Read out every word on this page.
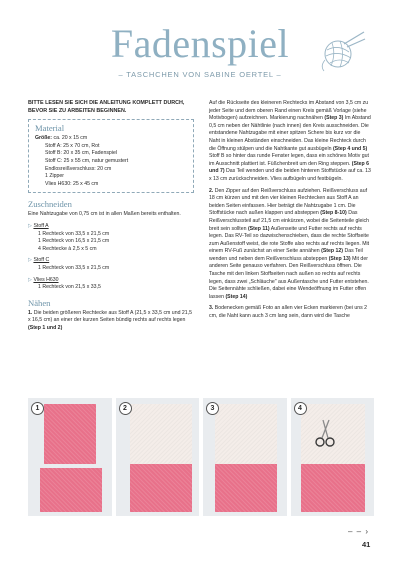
Fadenspiel
– TASCHCHEN VON SABINE OERTEL –
BITTE LESEN SIE SICH DIE ANLEITUNG KOMPLETT DURCH, BEVOR SIE ZU ARBEITEN BEGINNEN.
Material
Größe: ca. 20 x 15 cm
Stoff A: 25 x 70 cm, Rot
Stoff B: 20 x 35 cm, Fadenspiel
Stoff C: 25 x 55 cm, natur gemustert
Endlosreißverschluss: 20 cm
1 Zipper
Vlies H630: 25 x 45 cm
Zuschneiden
Eine Nahtzugabe von 0,75 cm ist in allen Maßen bereits enthalten.
▷ Stoff A
1 Rechteck von 33,5 x 21,5 cm
1 Rechteck von 16,5 x 21,5 cm
4 Rechtecke à 2,5 x 5 cm
▷ Stoff C
1 Rechteck von 33,5 x 21,5 cm
▷ Vlies H630
1 Rechteck von 21,5 x 33,5
Nähen

1. Die beiden größeren Rechtecke aus Stoff A (21,5 x 33,5 cm und 21,5 x 16,5 cm) an einer der kurzen Seiten bündig rechts auf rechts legen (Step 1 und 2)

Auf die Rückseite des kleineren Rechtecks im Abstand von 3,5 cm zu jeder Seite und dem oberen Rand einen Kreis gemäß Vorlage (siehe Motivbogen) aufzeichnen. Markierung nachnähen (Step 3) Im Abstand 0,5 cm neben der Nähtlinie (nach innen) den Kreis ausschneiden. Die entstandene Nahtzugabe mit einer spitzen Schere bis kurz vor die Naht in kleinen Abständen einschneiden. Das kleine Rechteck durch die Öffnung stülpen und die Nahtkante gut ausbügeln (Step 4 und 5) Stoff B so hinter das runde Fenster legen, dass ein schönes Motiv gut im Ausschnitt plattiert ist. Füßchenbreit um den Ring steppen. (Step 6 und 7) Das Teil wenden und die beiden hinteren Stoffstücke auf ca. 13 x 13 cm zurückschneiden. Vlies aufbügeln und festbügeln.

2. Den Zipper auf den Reißverschluss aufziehen. Reißverschluss auf 18 cm kürzen und mit den vier kleinen Rechtecken aus Stoff A an beiden Seiten einfassen. Hier beträgt die Nahtzugabe 1 cm. Die Stoffstücke nach außen klappen und abstеppen (Step 8-10) Das Reißverschlussteil auf 21,5 cm einkürzen, wobei die Seitenteile gleich breit sein sollten (Step 11) Außenseite und Futter rechts auf rechts legen. Das RV-Teil so dazwischenschieben, dass die rechte Stoffseite zum Außenstoff weist, die rote Stoffe also rechts auf rechts liegen. Mit einem RV-Fuß zunächst an einer Seite annähen (Step 12) Das Teil wenden und neben dem Reißverschluss abstеppen (Step 13) Mit der anderen Seite genauso verfahren. Den Reißverschluss öffnen. Die Tasche mit den linken Stoffseiten nach außen so rechts auf rechts legen, dass zwei „Schläuche" aus Außentasche und Futter entstehen. Die Seitennähte schließen, dabei eine Wendeöffnung im Futter offen lassen (Step 14)

3. Bodenecken gemäß Foto an allen vier Ecken markieren (bei uns 2 cm, die Naht kann auch 3 cm lang sein, dann wird die Tasche

1	2	3	4
– – ›
41
